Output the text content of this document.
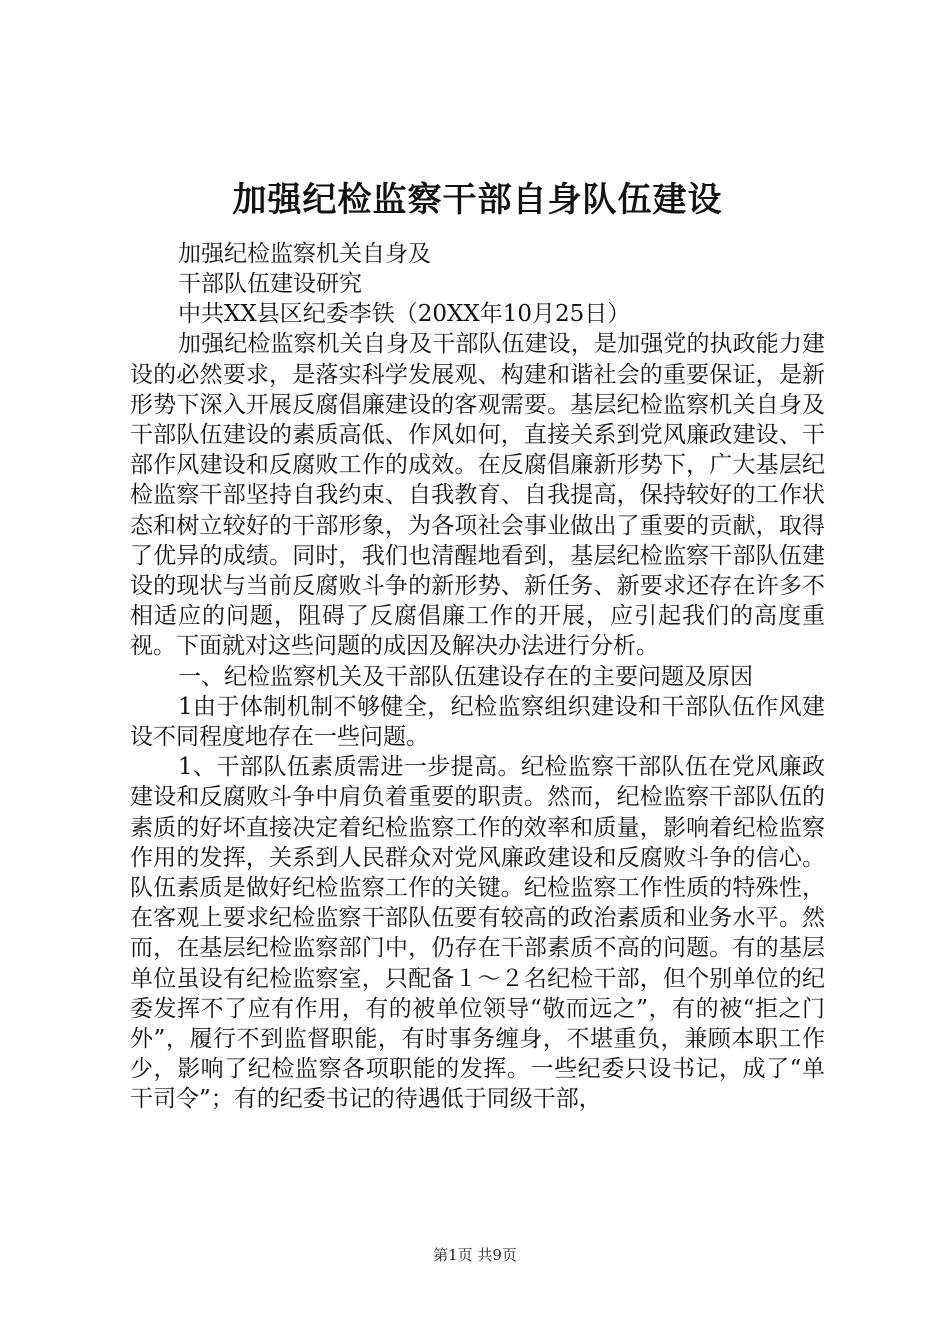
加强纪检监察干部自身队伍建设

加强纪检监察机关自身及

干部队伍建设研究

中共XX县区纪委李铁（20XX年10月25日）

加强纪检监察机关自身及干部队伍建设，是加强党的执政能力建设的必然要求，是落实科学发展观、构建和谐社会的重要保证，是新形势下深入开展反腐倡廉建设的客观需要。基层纪检监察机关自身及干部队伍建设的素质高低、作风如何，直接关系到党风廉政建设、干部作风建设和反腐败工作的成效。在反腐倡廉新形势下，广大基层纪检监察干部坚持自我约束、自我教育、自我提高，保持较好的工作状态和树立较好的干部形象，为各项社会事业做出了重要的贡献，取得了优异的成绩。同时，我们也清醒地看到，基层纪检监察干部队伍建设的现状与当前反腐败斗争的新形势、新任务、新要求还存在许多不相适应的问题，阻碍了反腐倡廉工作的开展，应引起我们的高度重视。下面就对这些问题的成因及解决办法进行分析。

一、纪检监察机关及干部队伍建设存在的主要问题及原因

1由于体制机制不够健全，纪检监察组织建设和干部队伍作风建设不同程度地存在一些问题。

1、干部队伍素质需进一步提高。纪检监察干部队伍在党风廉政建设和反腐败斗争中肩负着重要的职责。然而，纪检监察干部队伍的素质的好坏直接决定着纪检监察工作的效率和质量，影响着纪检监察作用的发挥，关系到人民群众对党风廉政建设和反腐败斗争的信心。队伍素质是做好纪检监察工作的关键。纪检监察工作性质的特殊性，在客观上要求纪检监察干部队伍要有较高的政治素质和业务水平。然而，在基层纪检监察部门中，仍存在干部素质不高的问题。有的基层单位虽设有纪检监察室，只配备１～２名纪检干部，但个别单位的纪委发挥不了应有作用，有的被单位领导“敬而远之”，有的被“拒之门外”，履行不到监督职能，有时事务缠身，不堪重负，兼顾本职工作少，影响了纪检监察各项职能的发挥。一些纪委只设书记，成了“单干司令”；有的纪委书记的待遇低于同级干部，

第1页 共9页
